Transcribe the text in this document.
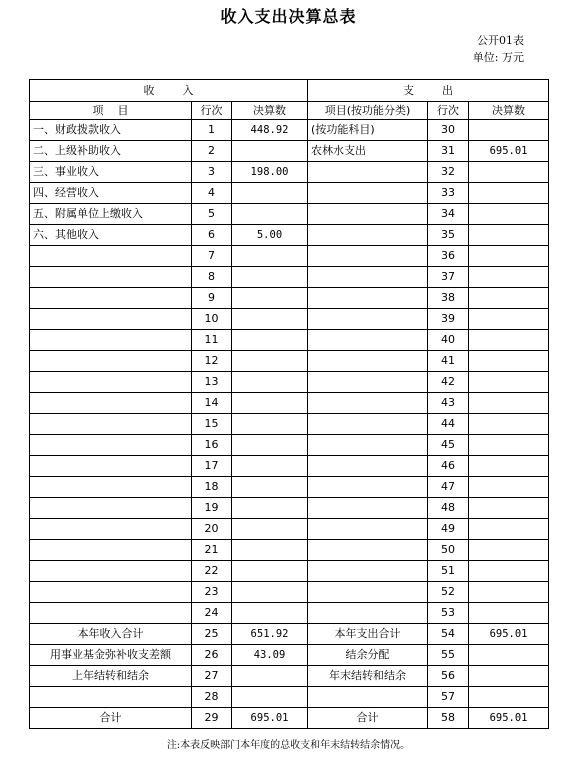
收入支出决算总表
公开01表
单位: 万元
收        入			支        出		
项    目	行次	决算数	项目(按功能分类)	行次	决算数
一、财政拨款收入	1	448.92	(按功能科目)	30	
二、上级补助收入	2		农林水支出	31	695.01
三、事业收入	3	198.00		32	
四、经营收入	4			33	
五、附属单位上缴收入	5			34	
六、其他收入	6	5.00		35	
	7			36	
	8			37	
	9			38	
	10			39	
	11			40	
	12			41	
	13			42	
	14			43	
	15			44	
	16			45	
	17			46	
	18			47	
	19			48	
	20			49	
	21			50	
	22			51	
	23			52	
	24			53	
本年收入合计	25	651.92	本年支出合计	54	695.01
用事业基金弥补收支差额	26	43.09	结余分配	55	
上年结转和结余	27		年末结转和结余	56	
	28			57	
合计	29	695.01	合计	58	695.01
注:本表反映部门本年度的总收支和年末结转结余情况。
